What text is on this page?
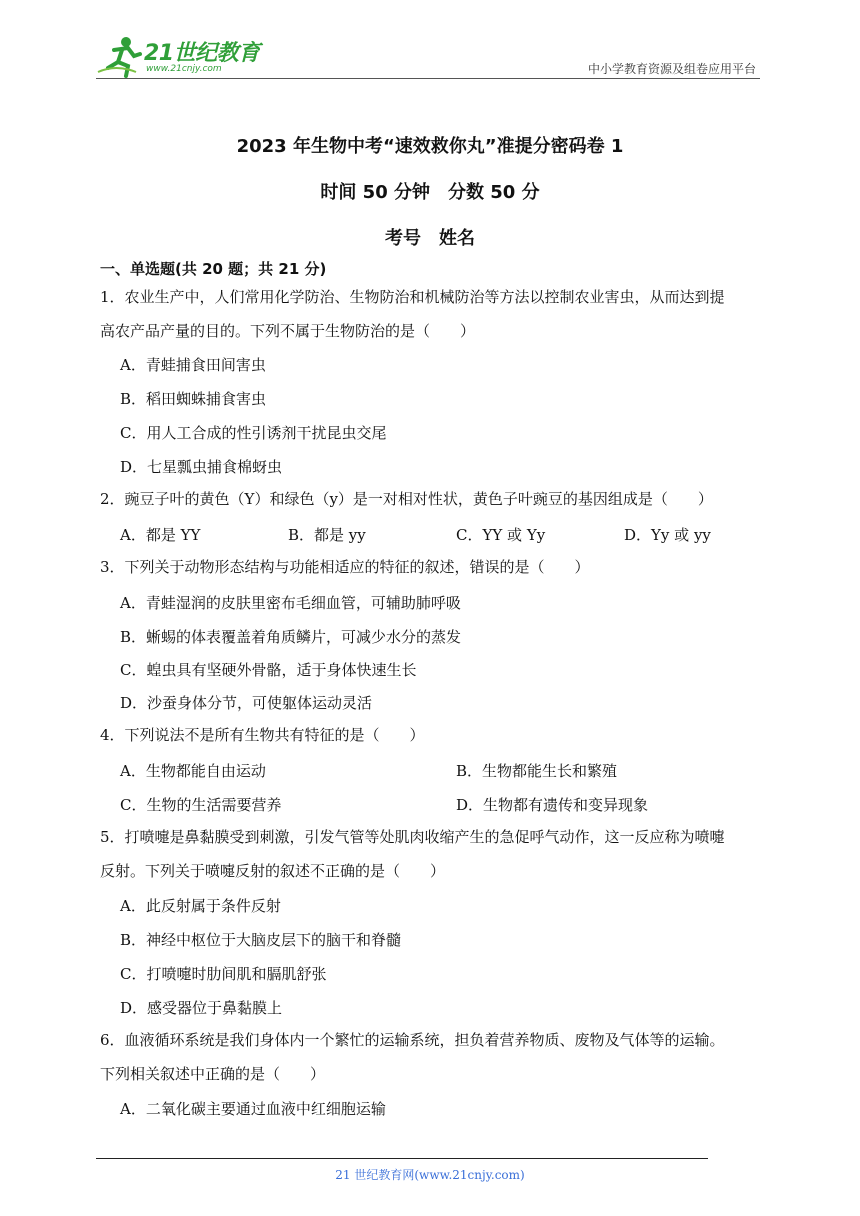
21世纪教育
www.21cnjy.com	中小学教育资源及组卷应用平台
2023 年生物中考“速效救你丸”准提分密码卷 1
时间 50 分钟　分数 50 分
考号　姓名
一、单选题(共 20 题；共 21 分)
1．农业生产中，人们常用化学防治、生物防治和机械防治等方法以控制农业害虫，从而达到提
高农产品产量的目的。下列不属于生物防治的是（　　）
A．青蛙捕食田间害虫
B．稻田蜘蛛捕食害虫
C．用人工合成的性引诱剂干扰昆虫交尾
D．七星瓢虫捕食棉蚜虫
2．豌豆子叶的黄色（Y）和绿色（y）是一对相对性状，黄色子叶豌豆的基因组成是（　　）
A．都是 YY	B．都是 yy	C．YY 或 Yy	D．Yy 或 yy
3．下列关于动物形态结构与功能相适应的特征的叙述，错误的是（　　）
A．青蛙湿润的皮肤里密布毛细血管，可辅助肺呼吸
B．蜥蜴的体表覆盖着角质鳞片，可减少水分的蒸发
C．蝗虫具有坚硬外骨骼，适于身体快速生长
D．沙蚕身体分节，可使躯体运动灵活
4．下列说法不是所有生物共有特征的是（　　）
A．生物都能自由运动	B．生物都能生长和繁殖
C．生物的生活需要营养	D．生物都有遗传和变异现象
5．打喷嚏是鼻黏膜受到刺激，引发气管等处肌肉收缩产生的急促呼气动作，这一反应称为喷嚏
反射。下列关于喷嚏反射的叙述不正确的是（　　）
A．此反射属于条件反射
B．神经中枢位于大脑皮层下的脑干和脊髓
C．打喷嚏时肋间肌和膈肌舒张
D．感受器位于鼻黏膜上
6．血液循环系统是我们身体内一个繁忙的运输系统，担负着营养物质、废物及气体等的运输。
下列相关叙述中正确的是（　　）
A．二氧化碳主要通过血液中红细胞运输
21 世纪教育网(www.21cnjy.com)
